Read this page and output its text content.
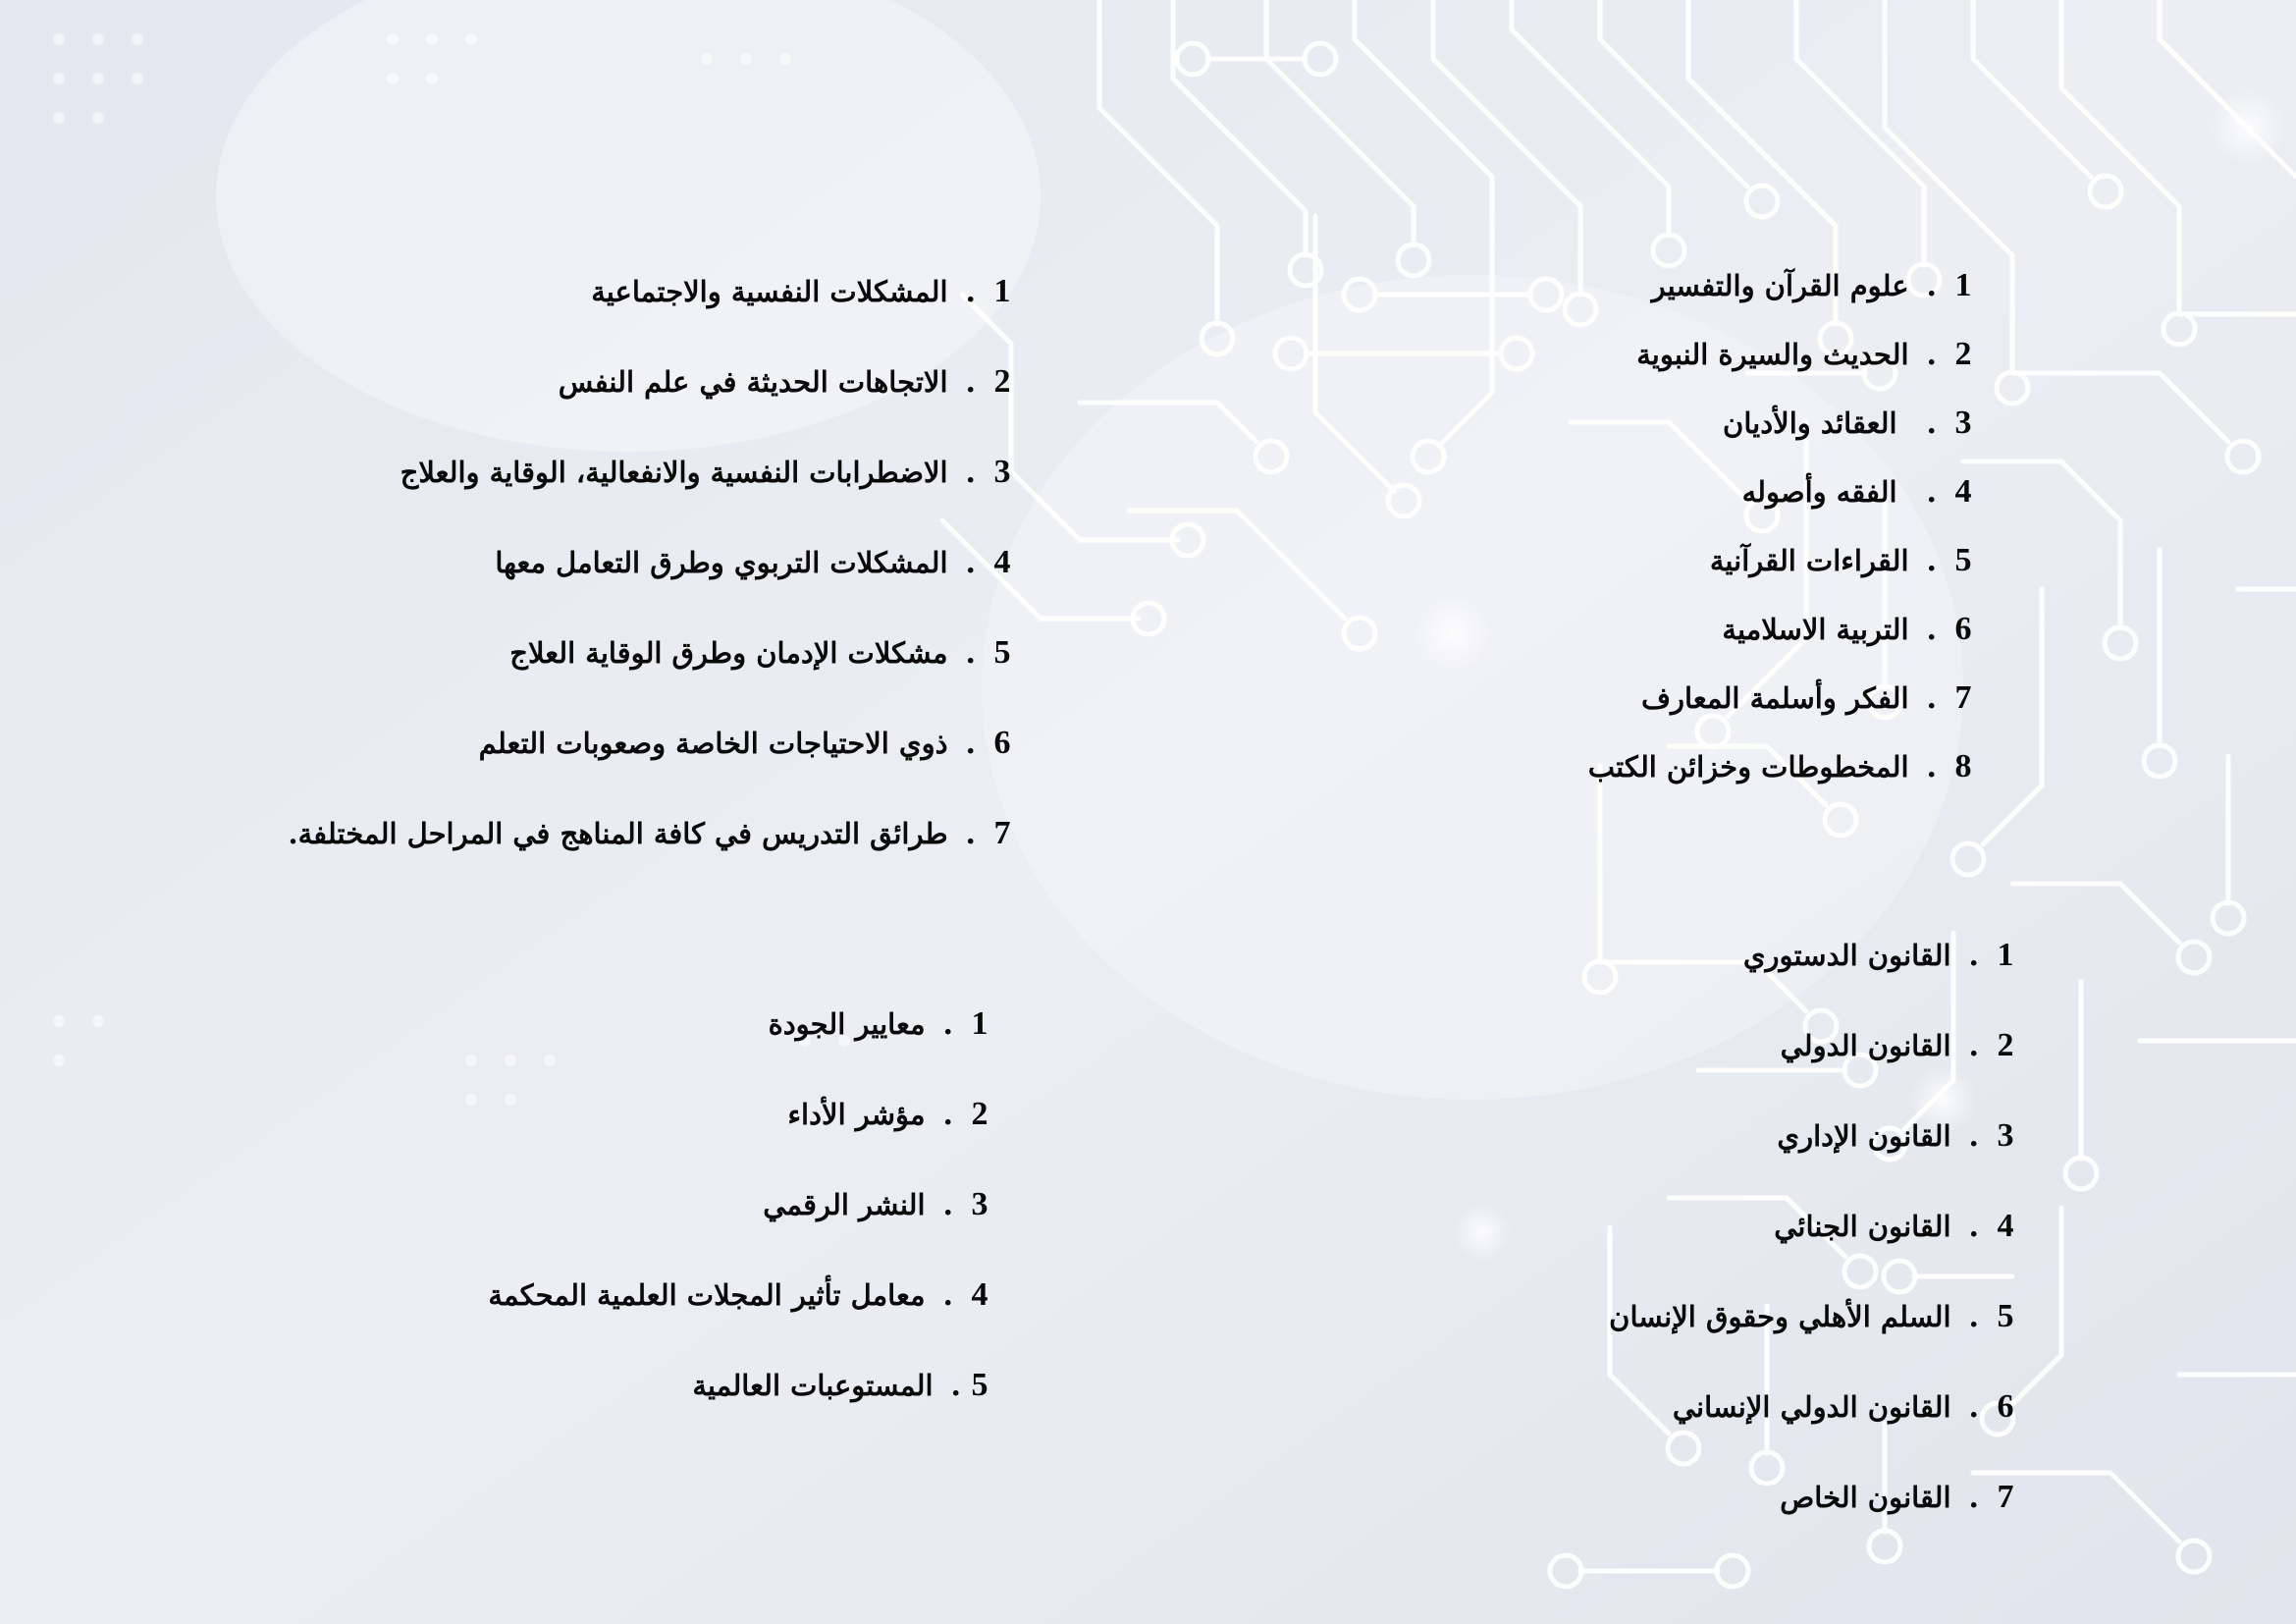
1
.
علوم القرآن والتفسير
2
.
الحديث والسيرة النبوية
3
.
العقائد والأديان
4
.
الفقه وأصوله
5
.
القراءات القرآنية
6
.
التربية الاسلامية
7
.
الفكر وأسلمة المعارف
8
.
المخطوطات وخزائن الكتب
1
.
القانون الدستوري
2
.
القانون الدولي
3
.
القانون الإداري
4
.
القانون الجنائي
5
.
السلم الأهلي وحقوق الإنسان
6
.
القانون الدولي الإنساني
7
.
القانون الخاص
1
.
المشكلات النفسية والاجتماعية
2
.
الاتجاهات الحديثة في علم النفس
3
.
الاضطرابات النفسية والانفعالية، الوقاية والعلاج
4
.
المشكلات التربوي وطرق التعامل معها
5
.
مشكلات الإدمان وطرق الوقاية العلاج
6
.
ذوي الاحتياجات الخاصة وصعوبات التعلم
7
.
طرائق التدريس في كافة المناهج في المراحل المختلفة.
1
.
معايير الجودة
2
.
مؤشر الأداء
3
.
النشر الرقمي
4
.
معامل تأثير المجلات العلمية المحكمة
5
.
المستوعبات العالمية
